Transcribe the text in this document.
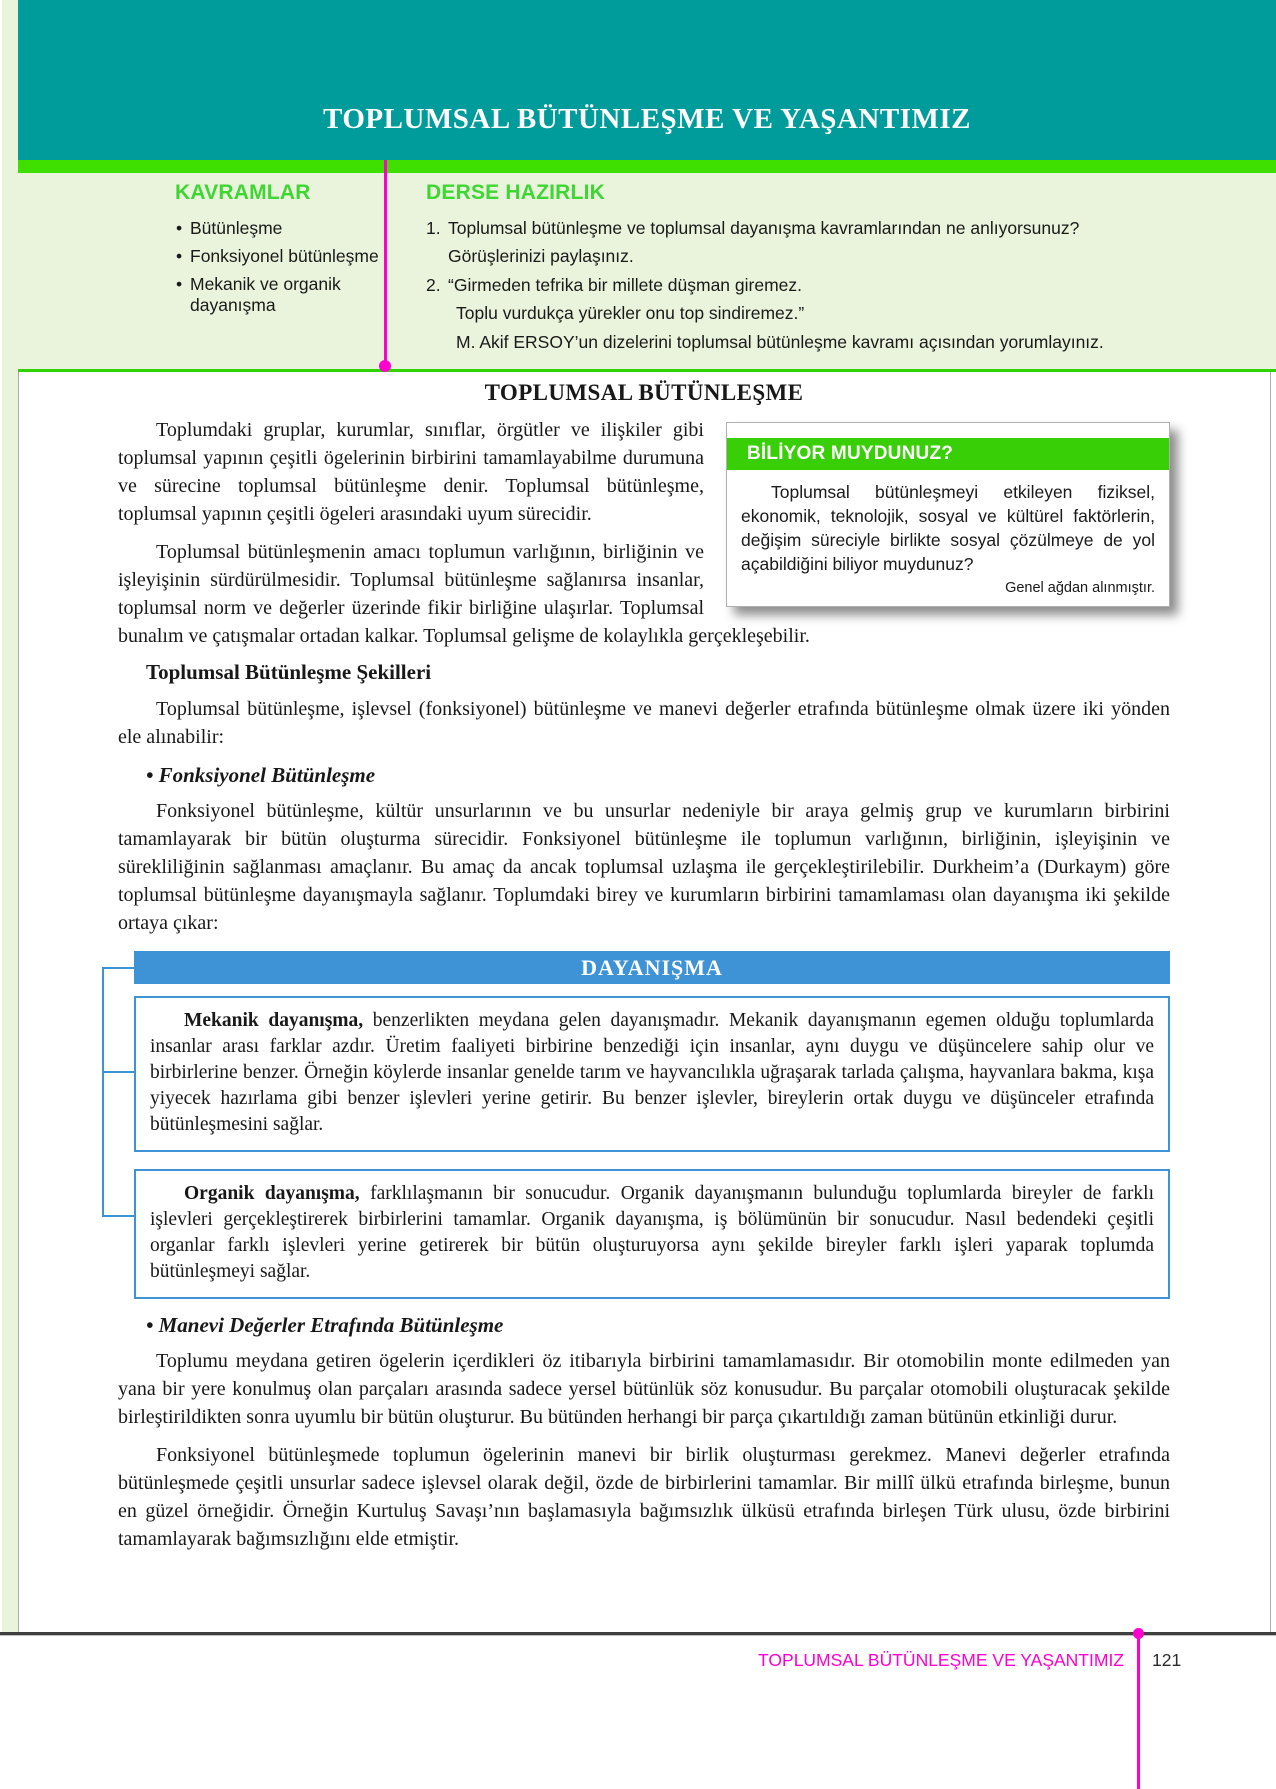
TOPLUMSAL BÜTÜNLEŞME VE YAŞANTIMIZ
KAVRAMLAR
• Bütünleşme
• Fonksiyonel bütünleşme
• Mekanik ve organik dayanışma
DERSE HAZIRLIK
1. Toplumsal bütünleşme ve toplumsal dayanışma kavramlarından ne anlıyorsunuz?
Görüşlerinizi paylaşınız.
2. “Girmeden tefrika bir millete düşman giremez.
Toplu vurdukça yürekler onu top sindiremez.”
M. Akif ERSOY’un dizelerini toplumsal bütünleşme kavramı açısından yorumlayınız.
TOPLUMSAL BÜTÜNLEŞME
BİLİYOR MUYDUNUZ?
Toplumsal bütünleşmeyi etkileyen fiziksel, ekonomik, teknolojik, sosyal ve kültürel faktörlerin, değişim süreciyle birlikte sosyal çözülmeye de yol açabildiğini biliyor muydunuz?
Genel ağdan alınmıştır.

Toplumdaki gruplar, kurumlar, sınıflar, örgütler ve ilişkiler gibi toplumsal yapının çeşitli ögelerinin birbirini tamamlayabilme durumuna ve sürecine toplumsal bütünleşme denir. Toplumsal bütünleşme, toplumsal yapının çeşitli ögeleri arasındaki uyum sürecidir.

Toplumsal bütünleşmenin amacı toplumun varlığının, birliğinin ve işleyişinin sürdürülmesidir. Toplumsal bütünleşme sağlanırsa insanlar, toplumsal norm ve değerler üzerinde fikir birliğine ulaşırlar. Toplumsal bunalım ve çatışmalar ortadan kalkar. Toplumsal gelişme de kolaylıkla gerçekleşebilir.

Toplumsal Bütünleşme Şekilleri

Toplumsal bütünleşme, işlevsel (fonksiyonel) bütünleşme ve manevi değerler etrafında bütünleşme olmak üzere iki yönden ele alınabilir:

• Fonksiyonel Bütünleşme

Fonksiyonel bütünleşme, kültür unsurlarının ve bu unsurlar nedeniyle bir araya gelmiş grup ve kurumların birbirini tamamlayarak bir bütün oluşturma sürecidir. Fonksiyonel bütünleşme ile toplumun varlığının, birliğinin, işleyişinin ve sürekliliğinin sağlanması amaçlanır. Bu amaç da ancak toplumsal uzlaşma ile gerçekleştirilebilir. Durkheim’a (Durkaym) göre toplumsal bütünleşme dayanışmayla sağlanır. Toplumdaki birey ve kurumların birbirini tamamlaması olan dayanışma iki şekilde ortaya çıkar:

DAYANIŞMA
Mekanik dayanışma, benzerlikten meydana gelen dayanışmadır. Mekanik dayanışmanın egemen olduğu toplumlarda insanlar arası farklar azdır. Üretim faaliyeti birbirine benzediği için insanlar, aynı duygu ve düşüncelere sahip olur ve birbirlerine benzer. Örneğin köylerde insanlar genelde tarım ve hayvancılıkla uğraşarak tarlada çalışma, hayvanlara bakma, kışa yiyecek hazırlama gibi benzer işlevleri yerine getirir. Bu benzer işlevler, bireylerin ortak duygu ve düşünceler etrafında bütünleşmesini sağlar.
Organik dayanışma, farklılaşmanın bir sonucudur. Organik dayanışmanın bulunduğu toplumlarda bireyler de farklı işlevleri gerçekleştirerek birbirlerini tamamlar. Organik dayanışma, iş bölümünün bir sonucudur. Nasıl bedendeki çeşitli organlar farklı işlevleri yerine getirerek bir bütün oluşturuyorsa aynı şekilde bireyler farklı işleri yaparak toplumda bütünleşmeyi sağlar.
• Manevi Değerler Etrafında Bütünleşme

Toplumu meydana getiren ögelerin içerdikleri öz itibarıyla birbirini tamamlamasıdır. Bir otomobilin monte edilmeden yan yana bir yere konulmuş olan parçaları arasında sadece yersel bütünlük söz konusudur. Bu parçalar otomobili oluşturacak şekilde birleştirildikten sonra uyumlu bir bütün oluşturur. Bu bütünden herhangi bir parça çıkartıldığı zaman bütünün etkinliği durur.

Fonksiyonel bütünleşmede toplumun ögelerinin manevi bir birlik oluşturması gerekmez. Manevi değerler etrafında bütünleşmede çeşitli unsurlar sadece işlevsel olarak değil, özde de birbirlerini tamamlar. Bir millî ülkü etrafında birleşme, bunun en güzel örneğidir. Örneğin Kurtuluş Savaşı’nın başlamasıyla bağımsızlık ülküsü etrafında birleşen Türk ulusu, özde birbirini tamamlayarak bağımsızlığını elde etmiştir.

TOPLUMSAL BÜTÜNLEŞME VE YAŞANTIMIZ 121
